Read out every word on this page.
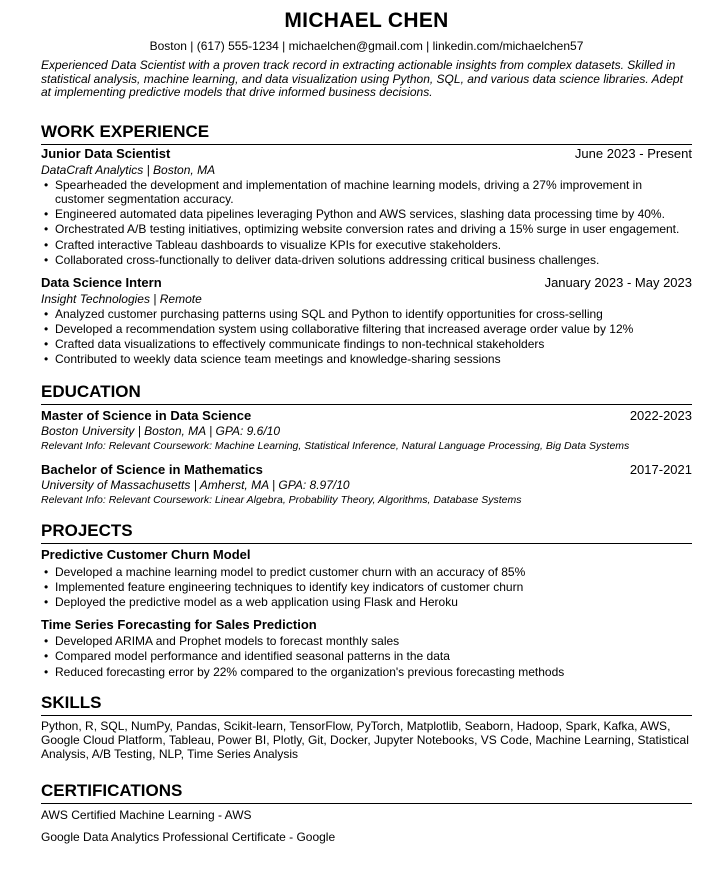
MICHAEL CHEN
Boston | (617) 555-1234 | michaelchen@gmail.com | linkedin.com/michaelchen57
Experienced Data Scientist with a proven track record in extracting actionable insights from complex datasets. Skilled in statistical analysis, machine learning, and data visualization using Python, SQL, and various data science libraries. Adept at implementing predictive models that drive informed business decisions.
WORK EXPERIENCE
Junior Data Scientist	June 2023 - Present
DataCraft Analytics | Boston, MA
• Spearheaded the development and implementation of machine learning models, driving a 27% improvement in customer segmentation accuracy.
• Engineered automated data pipelines leveraging Python and AWS services, slashing data processing time by 40%.
• Orchestrated A/B testing initiatives, optimizing website conversion rates and driving a 15% surge in user engagement.
• Crafted interactive Tableau dashboards to visualize KPIs for executive stakeholders.
• Collaborated cross-functionally to deliver data-driven solutions addressing critical business challenges.
Data Science Intern	January 2023 - May 2023
Insight Technologies | Remote
• Analyzed customer purchasing patterns using SQL and Python to identify opportunities for cross-selling
• Developed a recommendation system using collaborative filtering that increased average order value by 12%
• Crafted data visualizations to effectively communicate findings to non-technical stakeholders
• Contributed to weekly data science team meetings and knowledge-sharing sessions
EDUCATION
Master of Science in Data Science	2022-2023
Boston University | Boston, MA | GPA: 9.6/10
Relevant Info: Relevant Coursework: Machine Learning, Statistical Inference, Natural Language Processing, Big Data Systems
Bachelor of Science in Mathematics	2017-2021
University of Massachusetts | Amherst, MA | GPA: 8.97/10
Relevant Info: Relevant Coursework: Linear Algebra, Probability Theory, Algorithms, Database Systems
PROJECTS
Predictive Customer Churn Model
• Developed a machine learning model to predict customer churn with an accuracy of 85%
• Implemented feature engineering techniques to identify key indicators of customer churn
• Deployed the predictive model as a web application using Flask and Heroku
Time Series Forecasting for Sales Prediction
• Developed ARIMA and Prophet models to forecast monthly sales
• Compared model performance and identified seasonal patterns in the data
• Reduced forecasting error by 22% compared to the organization's previous forecasting methods
SKILLS
Python, R, SQL, NumPy, Pandas, Scikit-learn, TensorFlow, PyTorch, Matplotlib, Seaborn, Hadoop, Spark, Kafka, AWS, Google Cloud Platform, Tableau, Power BI, Plotly, Git, Docker, Jupyter Notebooks, VS Code, Machine Learning, Statistical Analysis, A/B Testing, NLP, Time Series Analysis
CERTIFICATIONS
AWS Certified Machine Learning - AWS
Google Data Analytics Professional Certificate - Google
